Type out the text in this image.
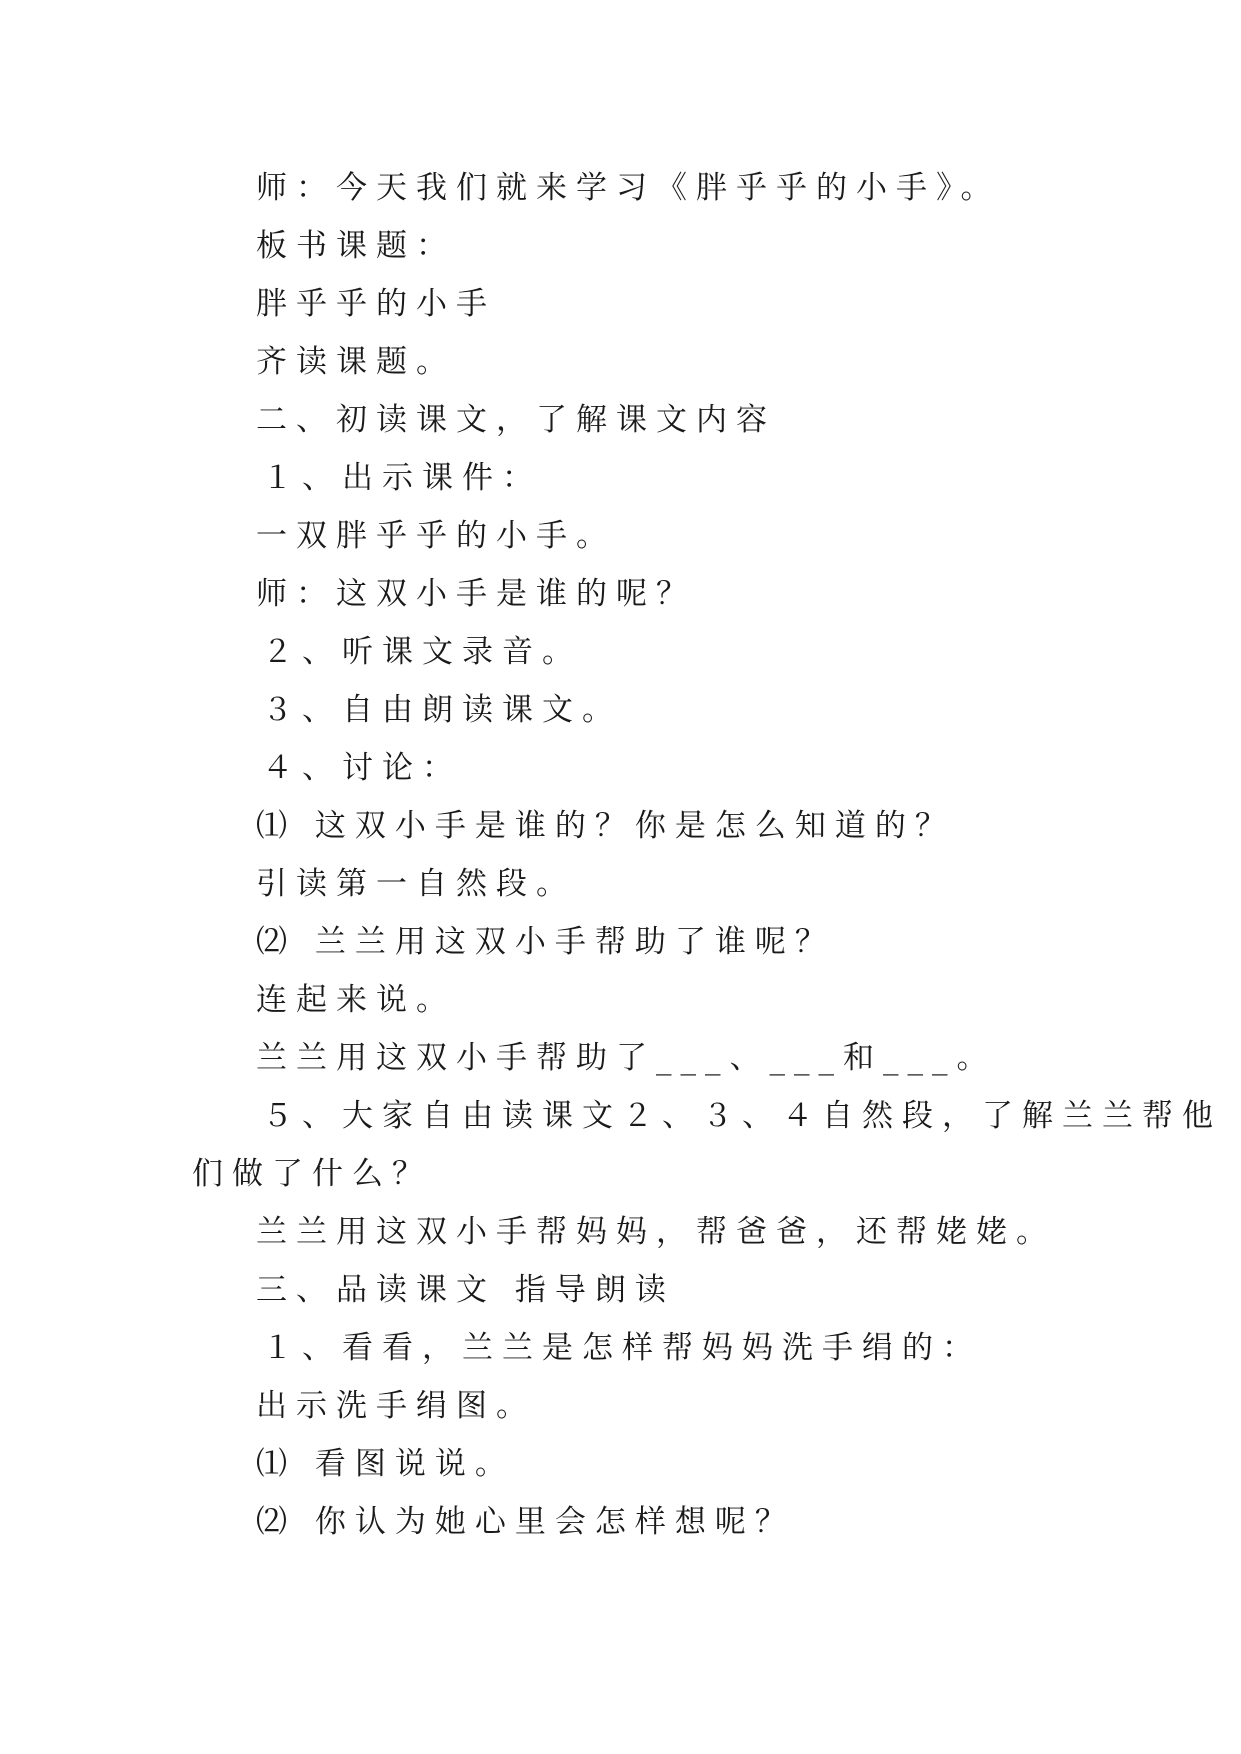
师：今天我们就来学习《胖乎乎的小手》。
板书课题：
胖乎乎的小手
齐读课题。
二、初读课文，了解课文内容
１、出示课件：
一双胖乎乎的小手。
师：这双小手是谁的呢？
２、听课文录音。
３、自由朗读课文。
４、讨论：
⑴ 这双小手是谁的？你是怎么知道的？
引读第一自然段。
⑵ 兰兰用这双小手帮助了谁呢？
连起来说。
兰兰用这双小手帮助了___、___和___。
５、大家自由读课文２、３、４自然段，了解兰兰帮他
们做了什么？
兰兰用这双小手帮妈妈，帮爸爸，还帮姥姥。
三、品读课文 指导朗读
１、看看，兰兰是怎样帮妈妈洗手绢的：
出示洗手绢图。
⑴ 看图说说。
⑵ 你认为她心里会怎样想呢？
